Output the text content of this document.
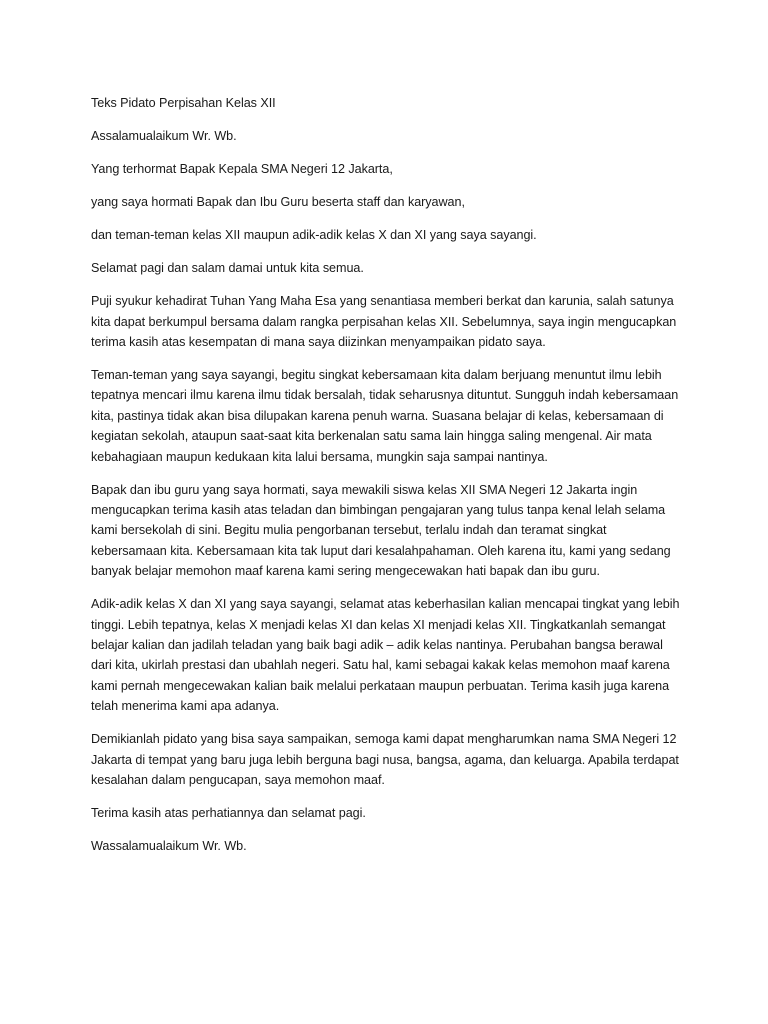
Teks Pidato Perpisahan Kelas XII

Assalamualaikum Wr. Wb.

Yang terhormat Bapak Kepala SMA Negeri 12 Jakarta,

yang saya hormati Bapak dan Ibu Guru beserta staff dan karyawan,

dan teman-teman kelas XII maupun adik-adik kelas X dan XI yang saya sayangi.

Selamat pagi dan salam damai untuk kita semua.

Puji syukur kehadirat Tuhan Yang Maha Esa yang senantiasa memberi berkat dan karunia, salah satunya kita dapat berkumpul bersama dalam rangka perpisahan kelas XII. Sebelumnya, saya ingin mengucapkan terima kasih atas kesempatan di mana saya diizinkan menyampaikan pidato saya.

Teman-teman yang saya sayangi, begitu singkat kebersamaan kita dalam berjuang menuntut ilmu lebih tepatnya mencari ilmu karena ilmu tidak bersalah, tidak seharusnya dituntut. Sungguh indah kebersamaan kita, pastinya tidak akan bisa dilupakan karena penuh warna. Suasana belajar di kelas, kebersamaan di kegiatan sekolah, ataupun saat-saat kita berkenalan satu sama lain hingga saling mengenal. Air mata kebahagiaan maupun kedukaan kita lalui bersama, mungkin saja sampai nantinya.

Bapak dan ibu guru yang saya hormati, saya mewakili siswa kelas XII SMA Negeri 12 Jakarta ingin mengucapkan terima kasih atas teladan dan bimbingan pengajaran yang tulus tanpa kenal lelah selama kami bersekolah di sini. Begitu mulia pengorbanan tersebut, terlalu indah dan teramat singkat kebersamaan kita. Kebersamaan kita tak luput dari kesalahpahaman. Oleh karena itu, kami yang sedang banyak belajar memohon maaf karena kami sering mengecewakan hati bapak dan ibu guru.

Adik-adik kelas X dan XI yang saya sayangi, selamat atas keberhasilan kalian mencapai tingkat yang lebih tinggi. Lebih tepatnya, kelas X menjadi kelas XI dan kelas XI menjadi kelas XII. Tingkatkanlah semangat belajar kalian dan jadilah teladan yang baik bagi adik – adik kelas nantinya. Perubahan bangsa berawal dari kita, ukirlah prestasi dan ubahlah negeri. Satu hal, kami sebagai kakak kelas memohon maaf karena kami pernah mengecewakan kalian baik melalui perkataan maupun perbuatan. Terima kasih juga karena telah menerima kami apa adanya.

Demikianlah pidato yang bisa saya sampaikan, semoga kami dapat mengharumkan nama SMA Negeri 12 Jakarta di tempat yang baru juga lebih berguna bagi nusa, bangsa, agama, dan keluarga. Apabila terdapat kesalahan dalam pengucapan, saya memohon maaf.

Terima kasih atas perhatiannya dan selamat pagi.

Wassalamualaikum Wr. Wb.
